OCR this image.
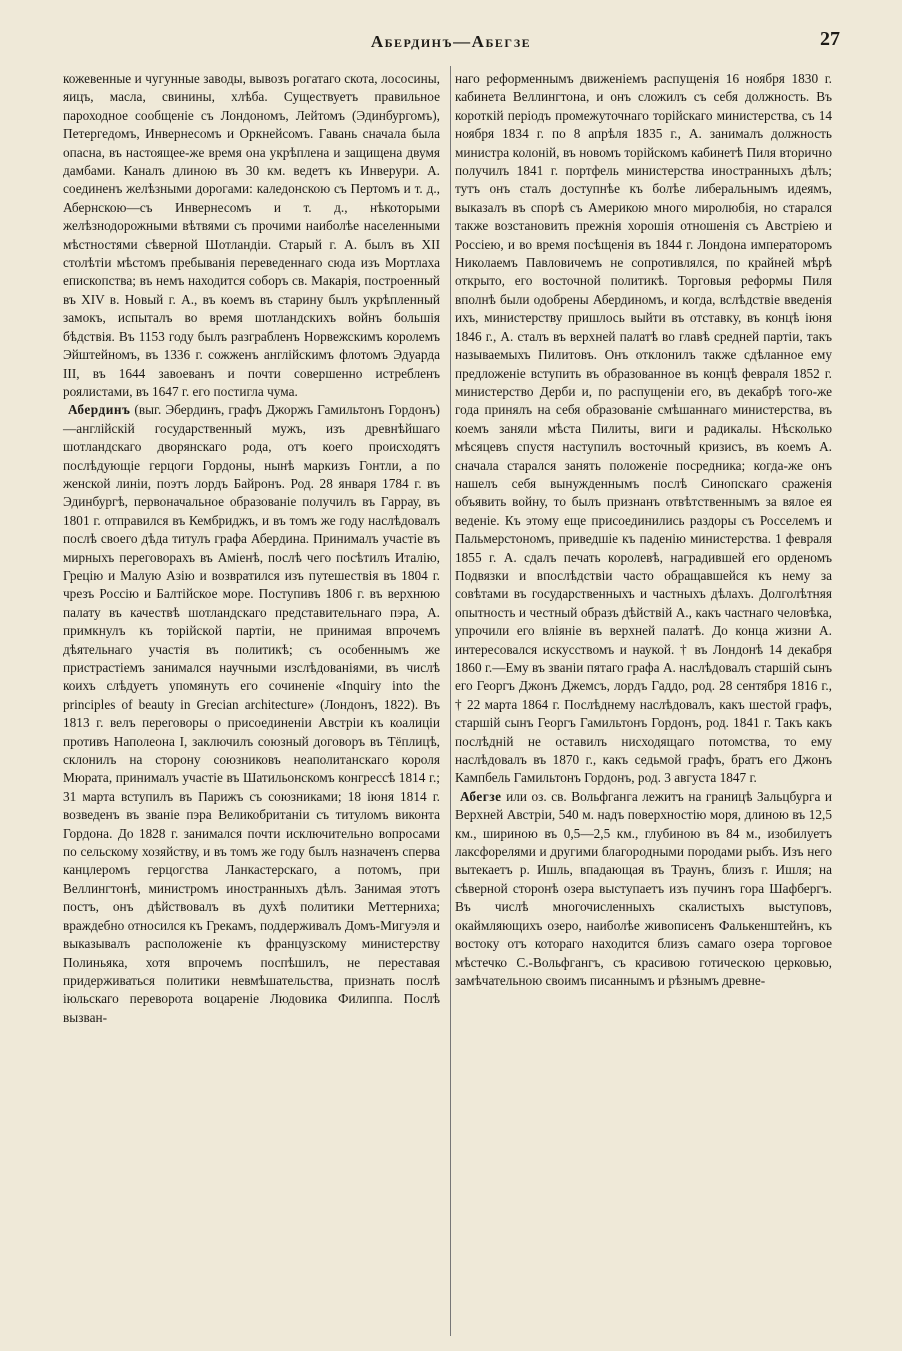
Абердинъ—Абегзе	27

кожевенные и чугунные заводы, вывозъ рогатаго скота, лососины, яицъ, масла, свинины, хлѣба. Существуетъ правильное пароходное сообщеніе съ Лондономъ, Лейтомъ (Эдинбургомъ), Петергедомъ, Инвернесомъ и Оркнейсомъ. Гавань сначала была опасна, въ настоящее-же время она укрѣплена и защищена двумя дамбами. Каналъ длиною въ 30 км. ведетъ къ Инверури. А. соединенъ желѣзными дорогами: каледонскою съ Пертомъ и т. д., Абернскою—съ Инвернесомъ и т. д., нѣкоторыми желѣзнодорожными вѣтвями съ прочими наиболѣе населенными мѣстностями сѣверной Шотландіи. Старый г. А. былъ въ XII столѣтіи мѣстомъ пребыванія переведеннаго сюда изъ Мортлаха епископства; въ немъ находится соборъ св. Макарія, построенный въ XIV в. Новый г. А., въ коемъ въ старину былъ укрѣпленный замокъ, испыталъ во время шотландскихъ войнъ большія бѣдствія. Въ 1153 году былъ разграбленъ Норвежскимъ королемъ Эйштейномъ, въ 1336 г. сожженъ англійскимъ флотомъ Эдуарда III, въ 1644 завоеванъ и почти совершенно истребленъ роялистами, въ 1647 г. его постигла чума.

Абердинъ (выг. Эбердинъ, графъ Джоржъ Гамильтонъ Гордонъ)—англійскій государственный мужъ, изъ древнѣйшаго шотландскаго дворянскаго рода, отъ коего происходятъ послѣдующіе герцоги Гордоны, нынѣ маркизъ Гонтли, а по женской линіи, поэтъ лордъ Байронъ. Род. 28 января 1784 г. въ Эдинбургѣ, первоначальное образованіе получилъ въ Гаррау, въ 1801 г. отправился въ Кембриджъ, и въ томъ же году наслѣдовалъ послѣ своего дѣда титулъ графа Абердина. Принималъ участіе въ мирныхъ переговорахъ въ Аміенѣ, послѣ чего посѣтилъ Италію, Грецію и Малую Азію и возвратился изъ путешествія въ 1804 г. чрезъ Россію и Балтійское море. Поступивъ 1806 г. въ верхнюю палату въ качествѣ шотландскаго представительнаго пэра, А. примкнулъ къ торійской партіи, не принимая впрочемъ дѣятельнаго участія въ политикѣ; съ особеннымъ же пристрастіемъ занимался научными изслѣдованіями, въ числѣ коихъ слѣдуетъ упомянуть его сочиненіе «Inquiry into the principles of beauty in Grecian architecture» (Лондонъ, 1822). Въ 1813 г. велъ переговоры о присоединеніи Австріи къ коалиціи противъ Наполеона I, заключилъ союзный договоръ въ Тёплицѣ, склонилъ на сторону союзниковъ неаполитанскаго короля Мюрата, принималъ участіе въ Шатильонскомъ конгрессѣ 1814 г.; 31 марта вступилъ въ Парижъ съ союзниками; 18 іюня 1814 г. возведенъ въ званіе пэра Великобританіи съ титуломъ виконта Гордона. До 1828 г. занимался почти исключительно вопросами по сельскому хозяйству, и въ томъ же году былъ назначенъ сперва канцлеромъ герцогства Ланкастерскаго, а потомъ, при Веллингтонѣ, министромъ иностранныхъ дѣлъ. Занимая этотъ постъ, онъ дѣйствовалъ въ духѣ политики Меттерниха; враждебно относился къ Грекамъ, поддерживалъ Домъ-Мигуэля и выказывалъ расположеніе къ французскому министерству Полиньяка, хотя впрочемъ поспѣшилъ, не переставая придерживаться политики невмѣшательства, признать послѣ іюльскаго переворота воцареніе Людовика Филиппа. Послѣ вызван-

наго реформеннымъ движеніемъ распущенія 16 ноября 1830 г. кабинета Веллингтона, и онъ сложилъ съ себя должность. Въ короткій періодъ промежуточнаго торійскаго министерства, съ 14 ноября 1834 г. по 8 апрѣля 1835 г., А. занималъ должность министра колоній, въ новомъ торійскомъ кабинетѣ Пиля вторично получилъ 1841 г. портфель министерства иностранныхъ дѣлъ; тутъ онъ сталъ доступнѣе къ болѣе либеральнымъ идеямъ, выказалъ въ спорѣ съ Америкою много миролюбія, но старался также возстановить прежнія хорошія отношенія съ Австріею и Россіею, и во время посѣщенія въ 1844 г. Лондона императоромъ Николаемъ Павловичемъ не сопротивлялся, по крайней мѣрѣ открыто, его восточной политикѣ. Торговыя реформы Пиля вполнѣ были одобрены Абердиномъ, и когда, вслѣдствіе введенія ихъ, министерству пришлось выйти въ отставку, въ концѣ іюня 1846 г., А. сталъ въ верхней палатѣ во главѣ средней партіи, такъ называемыхъ Пилитовъ. Онъ отклонилъ также сдѣланное ему предложеніе вступить въ образованное въ концѣ февраля 1852 г. министерство Дерби и, по распущеніи его, въ декабрѣ того-же года принялъ на себя образованіе смѣшаннаго министерства, въ коемъ заняли мѣста Пилиты, виги и радикалы. Нѣсколько мѣсяцевъ спустя наступилъ восточный кризисъ, въ коемъ А. сначала старался занять положеніе посредника; когда-же онъ нашелъ себя вынужденнымъ послѣ Синопскаго сраженія объявить войну, то былъ признанъ отвѣтственнымъ за вялое ея веденіе. Къ этому еще присоединились раздоры съ Росселемъ и Пальмерстономъ, приведшіе къ паденію министерства. 1 февраля 1855 г. А. сдалъ печать королевѣ, наградившей его орденомъ Подвязки и впослѣдствіи часто обращавшейся къ нему за совѣтами въ государственныхъ и частныхъ дѣлахъ. Долголѣтняя опытность и честный образъ дѣйствій А., какъ частнаго человѣка, упрочили его вліяніе въ верхней палатѣ. До конца жизни А. интересовался искусствомъ и наукой. † въ Лондонѣ 14 декабря 1860 г.—Ему въ званіи пятаго графа А. наслѣдовалъ старшій сынъ его Георгъ Джонъ Джемсъ, лордъ Гаддо, род. 28 сентября 1816 г., † 22 марта 1864 г. Послѣднему наслѣдовалъ, какъ шестой графъ, старшій сынъ Георгъ Гамильтонъ Гордонъ, род. 1841 г. Такъ какъ послѣдній не оставилъ нисходящаго потомства, то ему наслѣдовалъ въ 1870 г., какъ седьмой графъ, братъ его Джонъ Кампбель Гамильтонъ Гордонъ, род. 3 августа 1847 г.

Абегзе или оз. св. Вольфганга лежитъ на границѣ Зальцбурга и Верхней Австріи, 540 м. надъ поверхностію моря, длиною въ 12,5 км., шириною въ 0,5—2,5 км., глубиною въ 84 м., изобилуетъ лаксфорелями и другими благородными породами рыбъ. Изъ него вытекаетъ р. Ишль, впадающая въ Траунъ, близъ г. Ишля; на сѣверной сторонѣ озера выступаетъ изъ пучинъ гора Шафбергъ. Въ числѣ многочисленныхъ скалистыхъ выступовъ, окаймляющихъ озеро, наиболѣе живописенъ Фалькенштейнъ, къ востоку отъ котораго находится близъ самаго озера торговое мѣстечко С.-Вольфгангъ, съ красивою готическою церковью, замѣчательною своимъ писаннымъ и рѣзнымъ древне-
